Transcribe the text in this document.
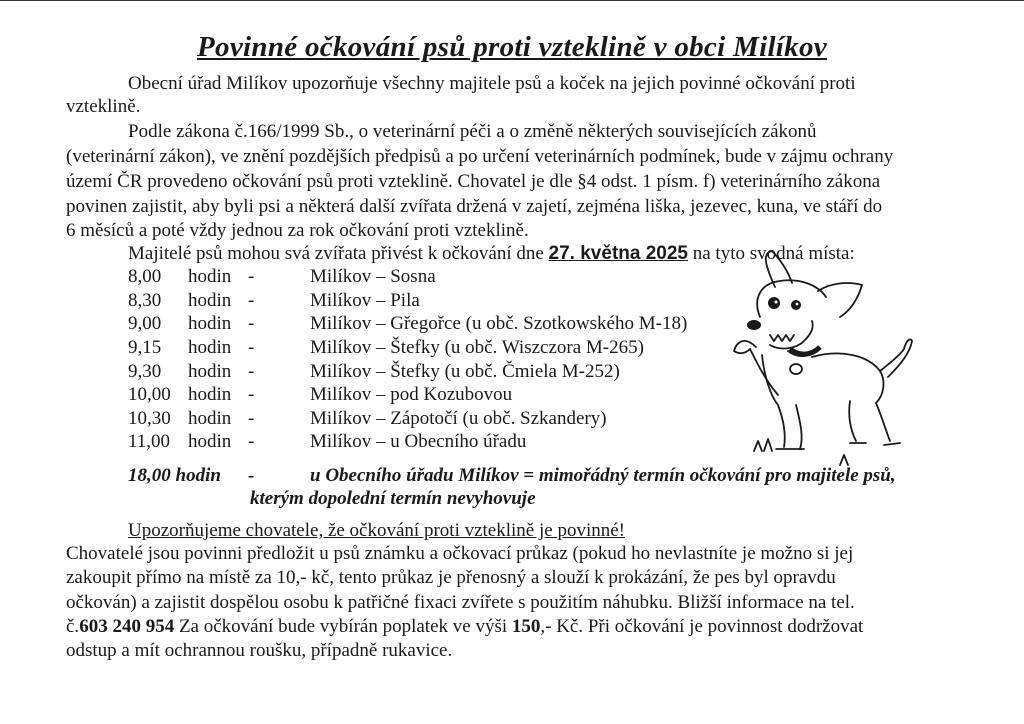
Povinné očkování psů proti vzteklině v obci Milíkov
Obecní úřad Milíkov upozorňuje všechny majitele psů a koček na jejich povinné očkování proti
vzteklině.
Podle zákona č.166/1999 Sb., o veterinární péči a o změně některých souvisejících zákonů
(veterinární zákon), ve znění pozdějších předpisů a po určení veterinárních podmínek, bude v zájmu ochrany
území ČR provedeno očkování psů proti vzteklině. Chovatel je dle §4 odst. 1 písm. f) veterinárního zákona
povinen zajistit, aby byli psi a některá další zvířata držená v zajetí, zejména liška, jezevec, kuna, ve stáří do
6 měsíců a poté vždy jednou za rok očkování proti vzteklině.
Majitelé psů mohou svá zvířata přivést k očkování dne 27. května 2025 na tyto svodná místa:
8,00 hodin -	Milíkov – Sosna
8,30 hodin -	Milíkov – Pila
9,00 hodin -	Milíkov – Gřegořce (u obč. Szotkowského M-18)
9,15 hodin -	Milíkov – Štefky (u obč. Wiszczora M-265)
9,30 hodin -	Milíkov – Štefky (u obč. Čmiela M-252)
10,00 hodin -	Milíkov – pod Kozubovou
10,30 hodin -	Milíkov – Zápotočí (u obč. Szkandery)
11,00 hodin -	Milíkov – u Obecního úřadu
18,00 hodin -	u Obecního úřadu Milíkov = mimořádný termín očkování pro majitele psů,
kterým dopolední termín nevyhovuje
Upozorňujeme chovatele, že očkování proti vzteklině je povinné!
Chovatelé jsou povinni předložit u psů známku a očkovací průkaz (pokud ho nevlastníte je možno si jej
zakoupit přímo na místě za 10,- kč, tento průkaz je přenosný a slouží k prokázání, že pes byl opravdu
očkován) a zajistit dospělou osobu k patřičné fixaci zvířete s použitím náhubku. Bližší informace na tel.
č.603 240 954 Za očkování bude vybírán poplatek ve výši 150,- Kč. Při očkování je povinnost dodržovat
odstup a mít ochrannou roušku, případně rukavice.
